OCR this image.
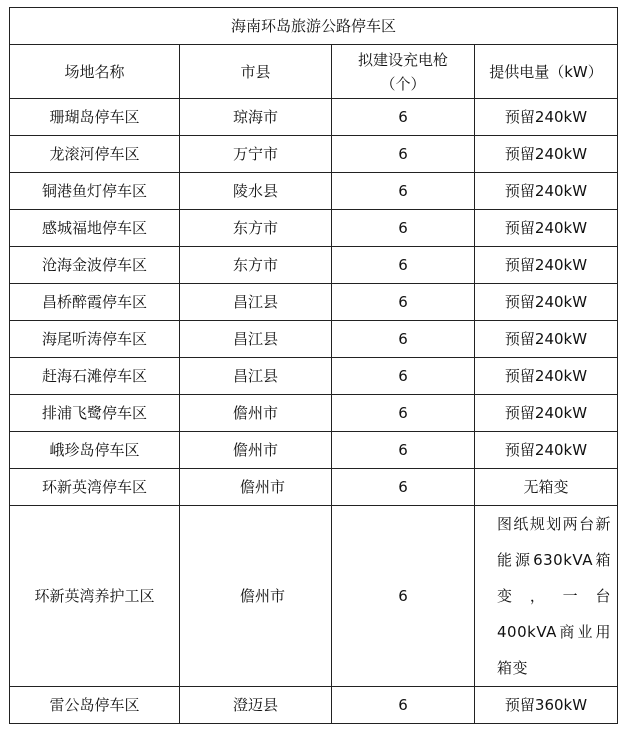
海南环岛旅游公路停车区			
场地名称	市县	拟建设充电枪（个）	提供电量（kW）
珊瑚岛停车区	琼海市	6	预留240kW
龙滚河停车区	万宁市	6	预留240kW
铜港鱼灯停车区	陵水县	6	预留240kW
感城福地停车区	东方市	6	预留240kW
沧海金波停车区	东方市	6	预留240kW
昌桥醉霞停车区	昌江县	6	预留240kW
海尾听涛停车区	昌江县	6	预留240kW
赶海石滩停车区	昌江县	6	预留240kW
排浦飞鹭停车区	儋州市	6	预留240kW
峨珍岛停车区	儋州市	6	预留240kW
环新英湾停车区	儋州市	6	无箱变
环新英湾养护工区	儋州市	6	图纸规划两台新能源630kVA箱变，一台400kVA商业用箱变
雷公岛停车区	澄迈县	6	预留360kW
